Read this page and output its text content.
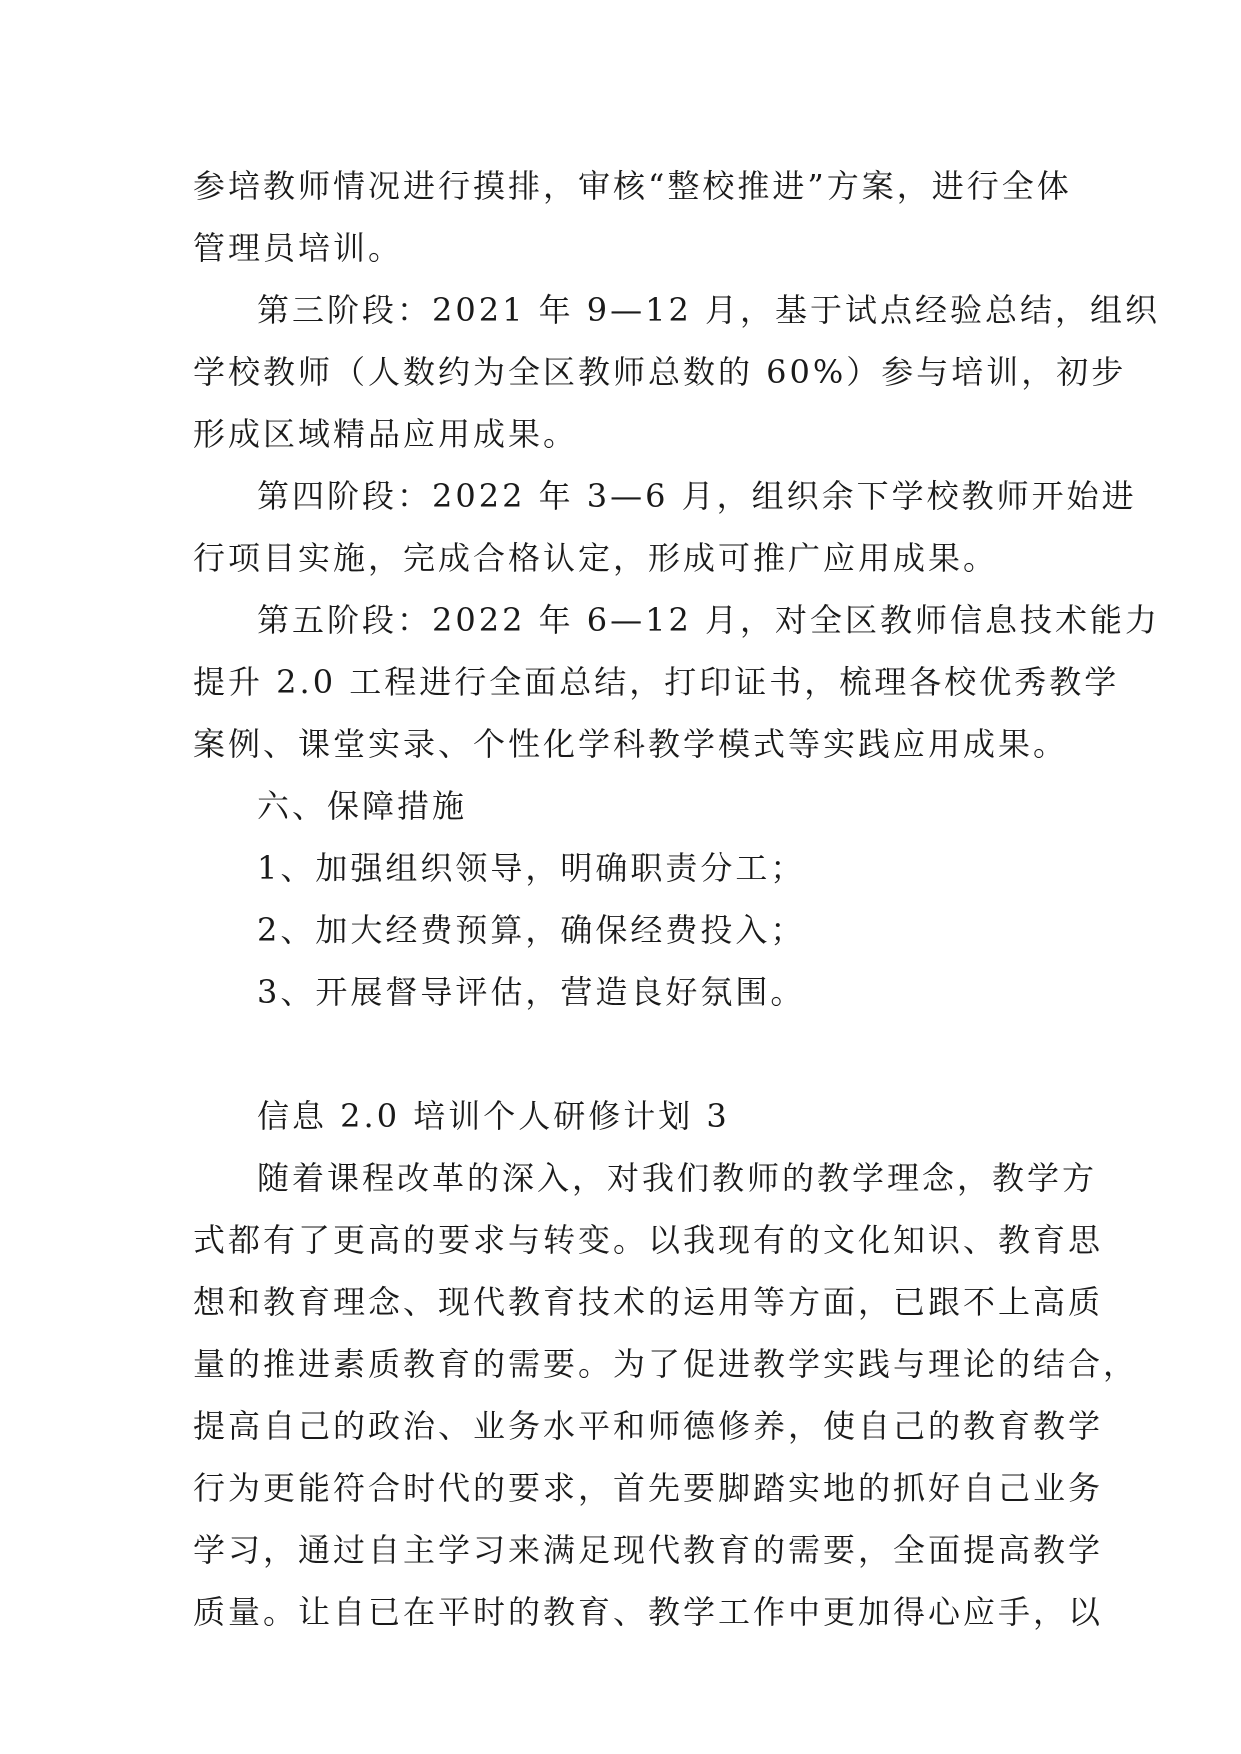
参培教师情况进行摸排，审核“整校推进”方案，进行全体
管理员培训。
第三阶段：2021 年 9—12 月，基于试点经验总结，组织
学校教师（人数约为全区教师总数的 60%）参与培训，初步
形成区域精品应用成果。
第四阶段：2022 年 3—6 月，组织余下学校教师开始进
行项目实施，完成合格认定，形成可推广应用成果。
第五阶段：2022 年 6—12 月，对全区教师信息技术能力
提升 2.0 工程进行全面总结，打印证书，梳理各校优秀教学
案例、课堂实录、个性化学科教学模式等实践应用成果。
六、保障措施
1、加强组织领导，明确职责分工；
2、加大经费预算，确保经费投入；
3、开展督导评估，营造良好氛围。
信息 2.0 培训个人研修计划 3
随着课程改革的深入，对我们教师的教学理念，教学方
式都有了更高的要求与转变。以我现有的文化知识、教育思
想和教育理念、现代教育技术的运用等方面，已跟不上高质
量的推进素质教育的需要。为了促进教学实践与理论的结合，
提高自己的政治、业务水平和师德修养，使自己的教育教学
行为更能符合时代的要求，首先要脚踏实地的抓好自己业务
学习，通过自主学习来满足现代教育的需要，全面提高教学
质量。让自已在平时的教育、教学工作中更加得心应手，以
